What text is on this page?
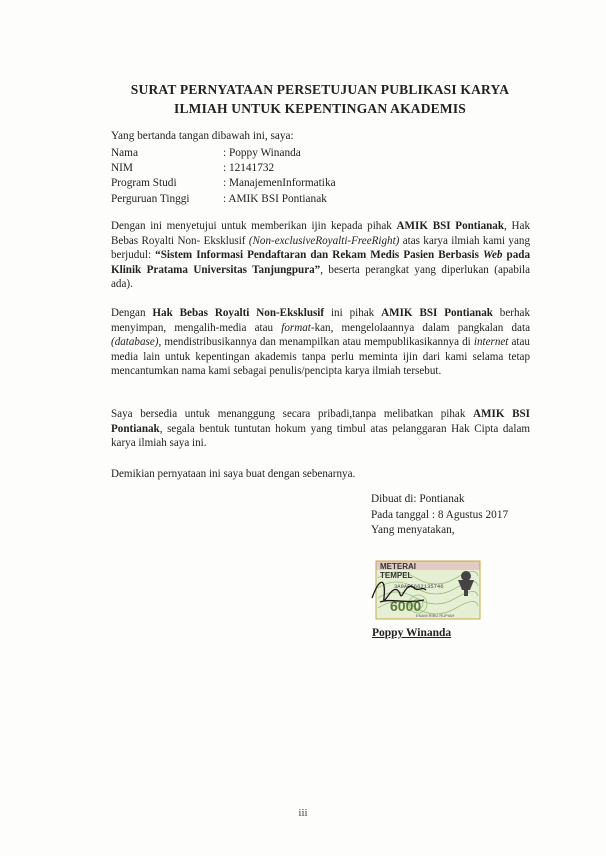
SURAT PERNYATAAN PERSETUJUAN PUBLIKASI KARYA
ILMIAH UNTUK KEPENTINGAN AKADEMIS
Yang bertanda tangan dibawah ini, saya:
Nama	: Poppy Winanda
NIM	: 12141732
Program Studi	: ManajemenInformatika
Perguruan Tinggi	: AMIK BSI Pontianak
Dengan ini menyetujui untuk memberikan ijin kepada pihak AMIK BSI Pontianak, Hak Bebas Royalti Non- Eksklusif (Non-exclusiveRoyalti-FreeRight) atas karya ilmiah kami yang berjudul: “Sistem Informasi Pendaftaran dan Rekam Medis Pasien Berbasis Web pada Klinik Pratama Universitas Tanjungpura”, beserta perangkat yang diperlukan (apabila ada).
Dengan Hak Bebas Royalti Non-Eksklusif ini pihak AMIK BSI Pontianak berhak menyimpan, mengalih-media atau format-kan, mengelolaannya dalam pangkalan data (database), mendistribusikannya dan menampilkan atau mempublikasikannya di internet atau media lain untuk kepentingan akademis tanpa perlu meminta ijin dari kami selama tetap mencantumkan nama kami sebagai penulis/pencipta karya ilmiah tersebut.
Saya bersedia untuk menanggung secara pribadi,tanpa melibatkan pihak AMIK BSI Pontianak, segala bentuk tuntutan hokum yang timbul atas pelanggaran Hak Cipta dalam karya ilmiah saya ini.
Demikian pernyataan ini saya buat dengan sebenarnya.
Dibuat di: Pontianak
Pada tanggal : 8 Agustus 2017
Yang menyatakan,
METERAI
TEMPEL
3A9AEF662135746
6000
ENAM RIBU RUPIAH
Poppy Winanda
iii
